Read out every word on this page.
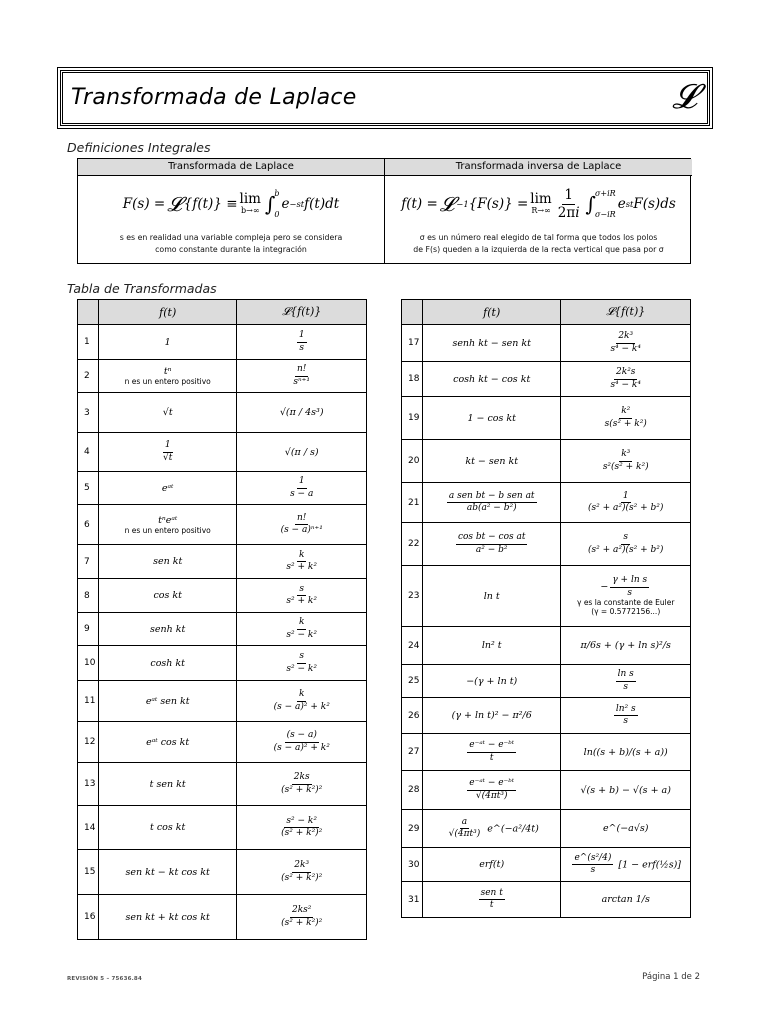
Transformada de Laplace	𝓛
Definiciones Integrales
Transformada de Laplace
F(s) = 𝓛 {f(t)} ≡ lim
b→∞ ∫ b
0
e −st f(t)dt
s es en realidad una variable compleja pero se considera
como constante durante la integración
Transformada inversa de Laplace
f(t) = 𝓛 −1 {F(s)} = lim
$R\to\infty \frac{1}{2\pi i}$ ∫ σ+iR
σ−iR
e st F(s)ds
σ es un número real elegido de tal forma que todos los polos
de F(s) queden a la izquierda de la recta vertical que pasa por σ
Tabla de Transformadas
	f(t)	𝓛{f(t)}
1	1	$\frac{1}{s}$

2	tⁿ
n es un entero positivo	$\frac{n!}{\text{sⁿ⁺¹}}$

3	√t	√(π / 4s³)
4	$\frac{1}{√t}$	√(π / s)
5	eᵃᵗ	$\frac{1}{s - a}$

6	tⁿeᵃᵗ
n es un entero positivo	$\frac{n!}{\text{(s − a)ⁿ⁺¹}}$

7	sen kt	$\frac{k}{\text{s² + k²}}$

8	cos kt	$\frac{s}{\text{s² + k²}}$

9	senh kt	$\frac{k}{\text{s² − k²}}$

10	cosh kt	$\frac{s}{\text{s² − k²}}$

11	eᵃᵗ sen kt	$\frac{k}{\text{(s − a)² + k²}}$

12	eᵃᵗ cos kt	$\frac{(s - a)}{\text{(s − a)² + k²}}$

13	t sen kt	$\frac{2ks}{\text{(s² + k²)²}}$

14	t cos kt	$\frac{\text{s² − k²}}{\text{(s² + k²)²}}$

15	sen kt − kt cos kt	$\frac{\text{2k³}}{\text{(s² + k²)²}}$

16	sen kt + kt cos kt	$\frac{\text{2ks²}}{\text{(s² + k²)²}}$
	f(t)	𝓛{f(t)}
17	senh kt − sen kt	$\frac{\text{2k³}}{\text{s⁴ − k⁴}}$

18	cosh kt − cos kt	$\frac{\text{2k²s}}{\text{s⁴ − k⁴}}$

19	1 − cos kt	$\frac{\text{k²}}{\text{s(s² + k²)}}$

20	kt − sen kt	$\frac{\text{k³}}{\text{s²(s² + k²)}}$

21	$\frac{\text{a sen bt − b sen at}}{\text{ab(a² − b²)}}$	$\frac{1}{\text{(s² + a²)(s² + b²)}}$

22	$\frac{\text{cos bt − cos at}}{\text{a² − b²}}$	$\frac{s}{\text{(s² + a²)(s² + b²)}}$

23	ln t	− $\frac{\text{γ + ln s}}{s}$
γ es la constante de Euler
(γ = 0.5772156...)

24	ln² t	π/6s + (γ + ln s)²/s
25	−(γ + ln t)	$\frac{\text{ln s}}{s}$

26	(γ + ln t)² − π²/6	$\frac{\text{ln² s}}{s}$

27	$\frac{\text{e⁻ᵃᵗ − e⁻ᵇᵗ}}{t}$	ln((s + b)/(s + a))
28	$\frac{\text{e⁻ᵃᵗ − e⁻ᵇᵗ}}{\text{√(4πt³)}}$	√(s + b) − √(s + a)
29	$\frac{a}{\text{√(4πt³)}}$ e^(−a²/4t)	e^(−a√s)
30	erf(t)	$\frac{\text{e\textasciicircum{}(s²/4)}}{s} [1$ − erf(½s)]
31	$\frac{\text{sen t}}{t}$	arctan 1/s
REVISIÓN 5 – 75636.84	Página 1 de 2
